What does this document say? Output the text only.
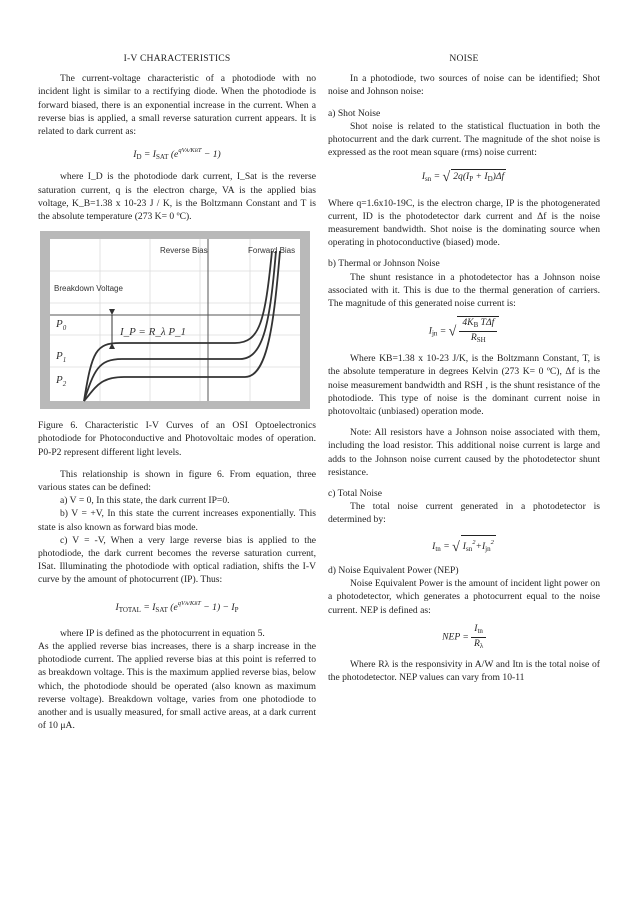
I-V CHARACTERISTICS

The current-voltage characteristic of a photodiode with no incident light is similar to a rectifying diode. When the photodiode is forward biased, there is an exponential increase in the current. When a reverse bias is applied, a small reverse saturation current appears. It is related to dark current as:

$I_D = I_{SAT}$ $(e^{qVA/KBT} - 1)$

where I_D is the photodiode dark current, I_Sat is the reverse saturation current, q is the electron charge, VA is the applied bias voltage, K_B=1.38 x 10-23 J / K, is the Boltzmann Constant and T is the absolute temperature (273 K= 0 ºC).

Reverse Bias	Forward Bias
Breakdown Voltage
$P_0$
$P_1$
$P_2$
I_P = R_λ P_1

Figure 6. Characteristic I-V Curves of an OSI Optoelectronics photodiode for Photoconductive and Photovoltaic modes of operation. P0-P2 represent different light levels.

This relationship is shown in figure 6. From equation, three various states can be defined:

a) V = 0, In this state, the dark current IP=0.

b) V = +V, In this state the current increases exponentially. This state is also known as forward bias mode.

c) V = -V, When a very large reverse bias is applied to the photodiode, the dark current becomes the reverse saturation current, ISat. Illuminating the photodiode with optical radiation, shifts the I-V curve by the amount of photocurrent (IP). Thus:

$I_{TOTAL} = I_{SAT}$ $(e^{qVA/KBT} - 1) - I_P$

where IP is defined as the photocurrent in equation 5.

As the applied reverse bias increases, there is a sharp increase in the photodiode current. The applied reverse bias at this point is referred to as breakdown voltage. This is the maximum applied reverse bias, below which, the photodiode should be operated (also known as maximum reverse voltage). Breakdown voltage, varies from one photodiode to another and is usually measured, for small active areas, at a dark current of 10 μA.

NOISE

In a photodiode, two sources of noise can be identified; Shot noise and Johnson noise:

a) Shot Noise

Shot noise is related to the statistical fluctuation in both the photocurrent and the dark current. The magnitude of the shot noise is expressed as the root mean square (rms) noise current:

$I_{sn}$ = √ $2q(I_P + I_D)\Delta f$

Where q=1.6x10-19C, is the electron charge, IP is the photogenerated current, ID is the photodetector dark current and Δf is the noise measurement bandwidth. Shot noise is the dominating source when operating in photoconductive (biased) mode.

b) Thermal or Johnson Noise

The shunt resistance in a photodetector has a Johnson noise associated with it. This is due to the thermal generation of carriers. The magnitude of this generated noise current is:

$I_{jn}$ = √ $\frac{4K_B T\Delta f}{R_{SH}}$

Where KB=1.38 x 10-23 J/K, is the Boltzmann Constant, T, is the absolute temperature in degrees Kelvin (273 K= 0 ºC), Δf is the noise measurement bandwidth and RSH , is the shunt resistance of the photodiode. This type of noise is the dominant current noise in photovoltaic (unbiased) operation mode.

Note: All resistors have a Johnson noise associated with them, including the load resistor. This additional noise current is large and adds to the Johnson noise current caused by the photodetector shunt resistance.

c) Total Noise

The total noise current generated in a photodetector is determined by:

$I_{tn}$ = √ $I_{sn}^2+I_{jn}^2$

d) Noise Equivalent Power (NEP)

Noise Equivalent Power is the amount of incident light power on a photodetector, which generates a photocurrent equal to the noise current. NEP is defined as:

NEP = $\frac{I_{tn}}{R_\lambda}$

Where Rλ is the responsivity in A/W and Itn is the total noise of the photodetector. NEP values can vary from 10-11
